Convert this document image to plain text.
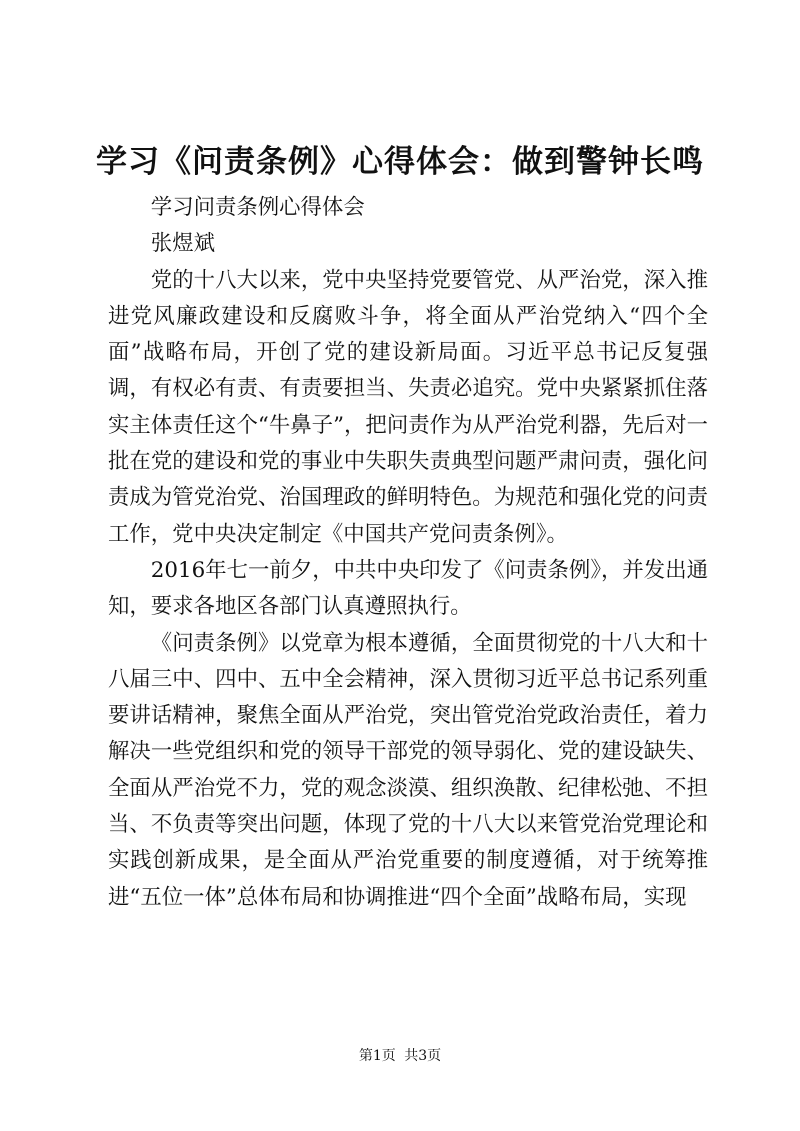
学习《问责条例》心得体会：做到警钟长鸣

学习问责条例心得体会

张煜斌

党的十八大以来，党中央坚持党要管党、从严治党，深入推进党风廉政建设和反腐败斗争，将全面从严治党纳入“四个全面”战略布局，开创了党的建设新局面。习近平总书记反复强调，有权必有责、有责要担当、失责必追究。党中央紧紧抓住落实主体责任这个“牛鼻子”，把问责作为从严治党利器，先后对一批在党的建设和党的事业中失职失责典型问题严肃问责，强化问责成为管党治党、治国理政的鲜明特色。为规范和强化党的问责工作，党中央决定制定《中国共产党问责条例》。

2016年七一前夕，中共中央印发了《问责条例》，并发出通知，要求各地区各部门认真遵照执行。

《问责条例》以党章为根本遵循，全面贯彻党的十八大和十八届三中、四中、五中全会精神，深入贯彻习近平总书记系列重要讲话精神，聚焦全面从严治党，突出管党治党政治责任，着力解决一些党组织和党的领导干部党的领导弱化、党的建设缺失、全面从严治党不力，党的观念淡漠、组织涣散、纪律松弛、不担当、不负责等突出问题，体现了党的十八大以来管党治党理论和实践创新成果，是全面从严治党重要的制度遵循，对于统筹推进“五位一体”总体布局和协调推进“四个全面”战略布局，实现

第1页 共3页
